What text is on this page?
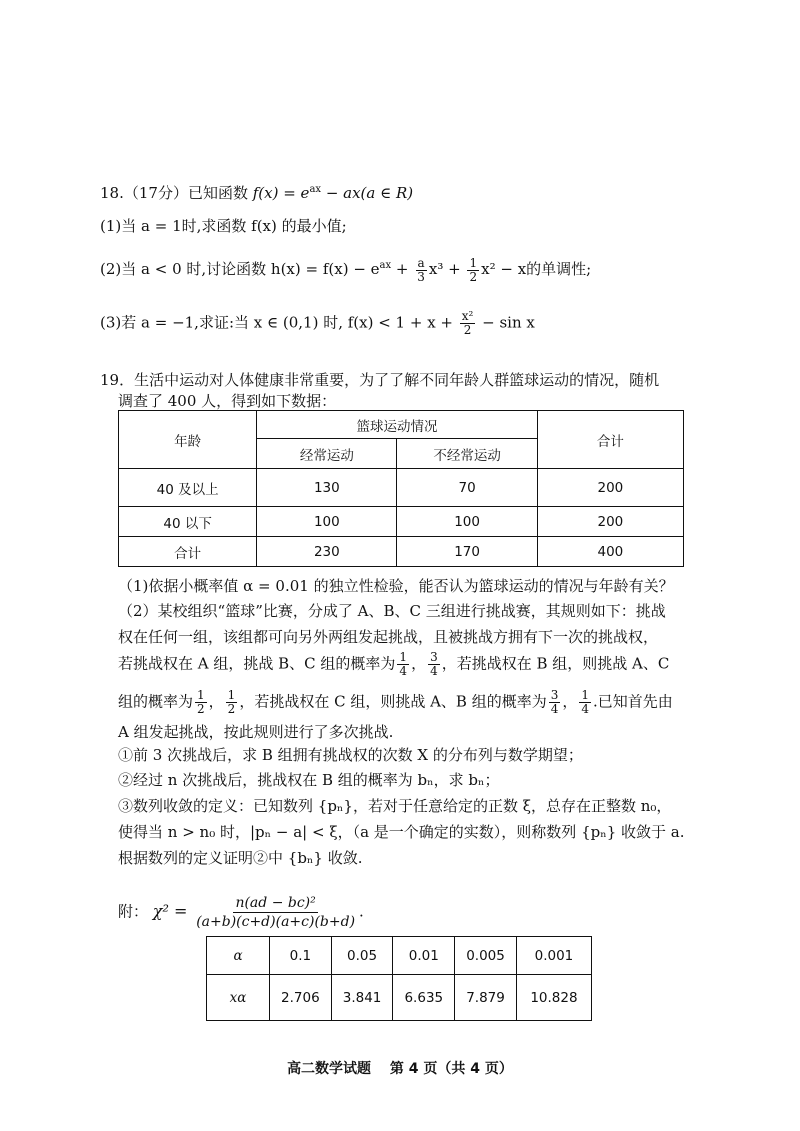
18.（17分）已知函数 $f(x) = e^{ax} - ax(a$ ∈ R)
(1)当 a = 1时,求函数 f(x) 的最小值;
(2)当 a < 0 时,讨论函数 $h(x) = f(x) - e^{ax} + \frac{a}{3} x^3 + \frac{1}{2} x^2 - x$的单调性;
(3)若 a = −1,求证:当 x ∈ (0,1) 时, $f(x) < 1 + x + \frac{\text{x²}}{2} - \sin x$
19．生活中运动对人体健康非常重要，为了了解不同年龄人群篮球运动的情况，随机
调查了 400 人，得到如下数据：
年龄	篮球运动情况		合计
	经常运动	不经常运动	
40 及以上	130	70	200
40 以下	100	100	200
合计	230	170	400
（1)依据小概率值 α = 0.01 的独立性检验，能否认为篮球运动的情况与年龄有关？
（2）某校组织“篮球”比赛，分成了 A、B、C 三组进行挑战赛，其规则如下：挑战
权在任何一组，该组都可向另外两组发起挑战，且被挑战方拥有下一次的挑战权，
若挑战权在 A 组，挑战 B、C 组的概率为 $\frac{1}{4}$ ， $\frac{3}{4}$ ，若挑战权在 B 组，则挑战 A、C
组的概率为 $\frac{1}{2}$ ， $\frac{1}{2}$ ，若挑战权在 C 组，则挑战 A、B 组的概率为 $\frac{3}{4}$ ， $\frac{1}{4}$ .已知首先由
A 组发起挑战，按此规则进行了多次挑战.
①前 3 次挑战后，求 B 组拥有挑战权的次数 X 的分布列与数学期望；
②经过 n 次挑战后，挑战权在 B 组的概率为 bₙ，求 bₙ；
③数列收敛的定义：已知数列 {pₙ}，若对于任意给定的正数 ξ，总存在正整数 n₀，
使得当 n > n₀ 时，|pₙ − a| < ξ，（a 是一个确定的实数），则称数列 {pₙ} 收敛于 a.
根据数列的定义证明②中 {bₙ} 收敛.
附： $\chi^2 = \frac{\text{n(ad − bc)²}}{(a+b)(c+d)(a+c)(b+d)}$ .
α	0.1	0.05	0.01	0.005	0.001
xα	2.706	3.841	6.635	7.879	10.828
高二数学试题　 第 4 页（共 4 页）
